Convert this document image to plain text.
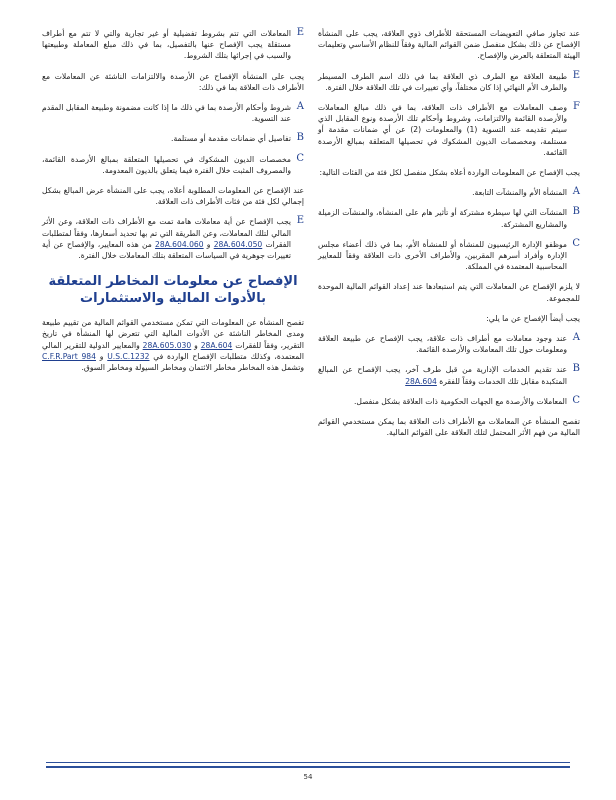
عند تجاوز صافي التعويضات المستحقة للأطراف ذوي العلاقة، يجب على المنشأة الإفصاح عن ذلك بشكل منفصل ضمن القوائم المالية وفقاً للنظام الأساسي وتعليمات الهيئة المتعلقة بالعرض والإفصاح.

E
طبيعة العلاقة مع الطرف ذي العلاقة بما في ذلك اسم الطرف المسيطر والطرف الأم النهائي إذا كان مختلفاً، وأي تغييرات في تلك العلاقة خلال الفترة.
F
وصف المعاملات مع الأطراف ذات العلاقة، بما في ذلك مبالغ المعاملات والأرصدة القائمة والالتزامات، وشروط وأحكام تلك الأرصدة ونوع المقابل الذي سيتم تقديمه عند التسوية (1) والمعلومات (2) عن أي ضمانات مقدمة أو مستلمة، ومخصصات الديون المشكوك في تحصيلها المتعلقة بمبالغ الأرصدة القائمة.

يجب الإفصاح عن المعلومات الواردة أعلاه بشكل منفصل لكل فئة من الفئات التالية:

A
المنشأة الأم والمنشآت التابعة.
B
المنشآت التي لها سيطرة مشتركة أو تأثير هام على المنشأة، والمنشآت الزميلة والمشاريع المشتركة.
C
موظفو الإدارة الرئيسيون للمنشأة أو للمنشأة الأم، بما في ذلك أعضاء مجلس الإدارة وأفراد أسرهم المقربين، والأطراف الأخرى ذات العلاقة وفقاً للمعايير المحاسبية المعتمدة في المملكة.

لا يلزم الإفصاح عن المعاملات التي يتم استبعادها عند إعداد القوائم المالية الموحدة للمجموعة.

يجب أيضاً الإفصاح عن ما يلي:

A
عند وجود معاملات مع أطراف ذات علاقة، يجب الإفصاح عن طبيعة العلاقة ومعلومات حول تلك المعاملات والأرصدة القائمة.
B
عند تقديم الخدمات الإدارية من قبل طرف آخر، يجب الإفصاح عن المبالغ المتكبدة مقابل تلك الخدمات وفقاً للفقرة 28A.604
C
المعاملات والأرصدة مع الجهات الحكومية ذات العلاقة بشكل منفصل.

تفصح المنشأة عن المعاملات مع الأطراف ذات العلاقة بما يمكن مستخدمي القوائم المالية من فهم الأثر المحتمل لتلك العلاقة على القوائم المالية.

E
المعاملات التي تتم بشروط تفضيلية أو غير تجارية والتي لا تتم مع أطراف مستقلة يجب الإفصاح عنها بالتفصيل، بما في ذلك مبلغ المعاملة وطبيعتها والسبب في إجرائها بتلك الشروط.

يجب على المنشأة الإفصاح عن الأرصدة والالتزامات الناشئة عن المعاملات مع الأطراف ذات العلاقة بما في ذلك:

A
شروط وأحكام الأرصدة بما في ذلك ما إذا كانت مضمونة وطبيعة المقابل المقدم عند التسوية.
B
تفاصيل أي ضمانات مقدمة أو مستلمة.
C
مخصصات الديون المشكوك في تحصيلها المتعلقة بمبالغ الأرصدة القائمة، والمصروف المثبت خلال الفترة فيما يتعلق بالديون المعدومة.

عند الإفصاح عن المعلومات المطلوبة أعلاه، يجب على المنشأة عرض المبالغ بشكل إجمالي لكل فئة من فئات الأطراف ذات العلاقة.

E
يجب الإفصاح عن أية معاملات هامة تمت مع الأطراف ذات العلاقة، وعن الأثر المالي لتلك المعاملات، وعن الطريقة التي تم بها تحديد أسعارها، وفقاً لمتطلبات الفقرات 28A.604.050 و 28A.604.060 من هذه المعايير، والإفصاح عن أية تغييرات جوهرية في السياسات المتعلقة بتلك المعاملات خلال الفترة.
الإفصاح عن معلومات المخاطر المتعلقة بالأدوات المالية والاستثمارات

تفصح المنشأة عن المعلومات التي تمكن مستخدمي القوائم المالية من تقييم طبيعة ومدى المخاطر الناشئة عن الأدوات المالية التي تتعرض لها المنشأة في تاريخ التقرير، وفقاً للفقرات 28A.604 و 28A.605.030 والمعايير الدولية للتقرير المالي المعتمدة، وكذلك متطلبات الإفصاح الواردة في U.S.C.1232 و C.F.R.Part 984 وتشمل هذه المخاطر مخاطر الائتمان ومخاطر السيولة ومخاطر السوق.

54
